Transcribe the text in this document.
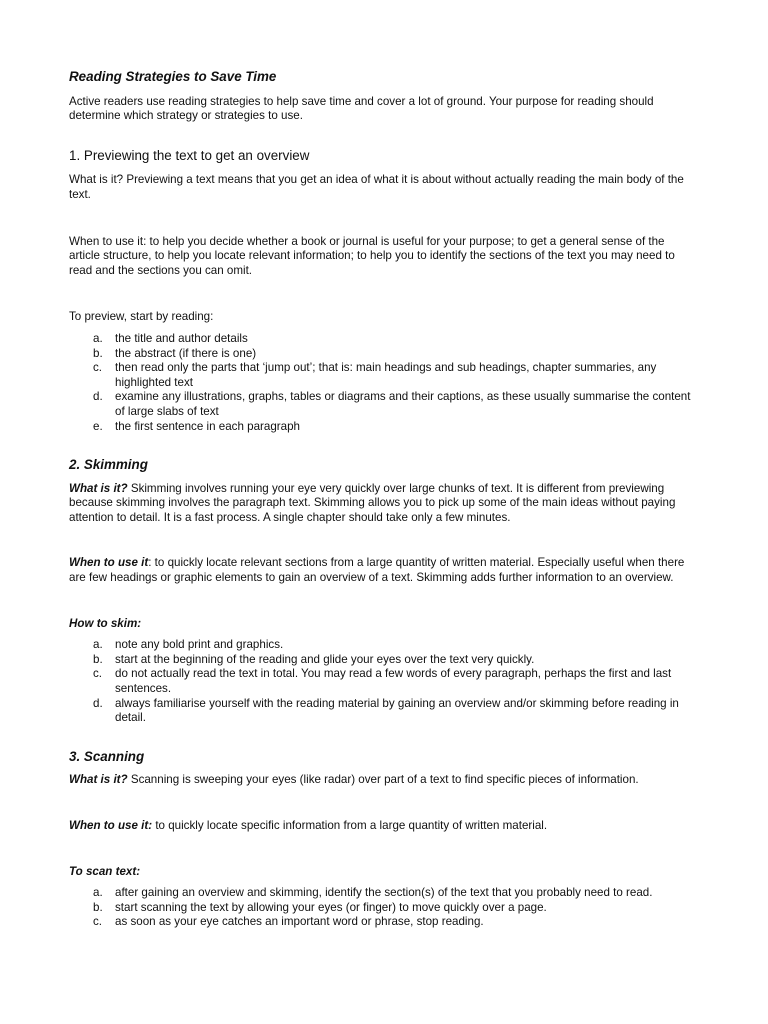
Reading Strategies to Save Time

Active readers use reading strategies to help save time and cover a lot of ground. Your purpose for reading should determine which strategy or strategies to use.

1. Previewing the text to get an overview

What is it? Previewing a text means that you get an idea of what it is about without actually reading the main body of the text.

When to use it: to help you decide whether a book or journal is useful for your purpose; to get a general sense of the article structure, to help you locate relevant information; to help you to identify the sections of the text you may need to read and the sections you can omit.

To preview, start by reading:

a. the title and author details
b. the abstract (if there is one)
c. then read only the parts that ‘jump out’; that is: main headings and sub headings, chapter summaries, any highlighted text
d. examine any illustrations, graphs, tables or diagrams and their captions, as these usually summarise the content of large slabs of text
e. the first sentence in each paragraph
2. Skimming

What is it? Skimming involves running your eye very quickly over large chunks of text. It is different from previewing because skimming involves the paragraph text. Skimming allows you to pick up some of the main ideas without paying attention to detail. It is a fast process. A single chapter should take only a few minutes.

When to use it: to quickly locate relevant sections from a large quantity of written material. Especially useful when there are few headings or graphic elements to gain an overview of a text. Skimming adds further information to an overview.

How to skim:

a. note any bold print and graphics.
b. start at the beginning of the reading and glide your eyes over the text very quickly.
c. do not actually read the text in total. You may read a few words of every paragraph, perhaps the first and last sentences.
d. always familiarise yourself with the reading material by gaining an overview and/or skimming before reading in detail.
3. Scanning

What is it? Scanning is sweeping your eyes (like radar) over part of a text to find specific pieces of information.

When to use it: to quickly locate specific information from a large quantity of written material.

To scan text:

a. after gaining an overview and skimming, identify the section(s) of the text that you probably need to read.
b. start scanning the text by allowing your eyes (or finger) to move quickly over a page.
c. as soon as your eye catches an important word or phrase, stop reading.
